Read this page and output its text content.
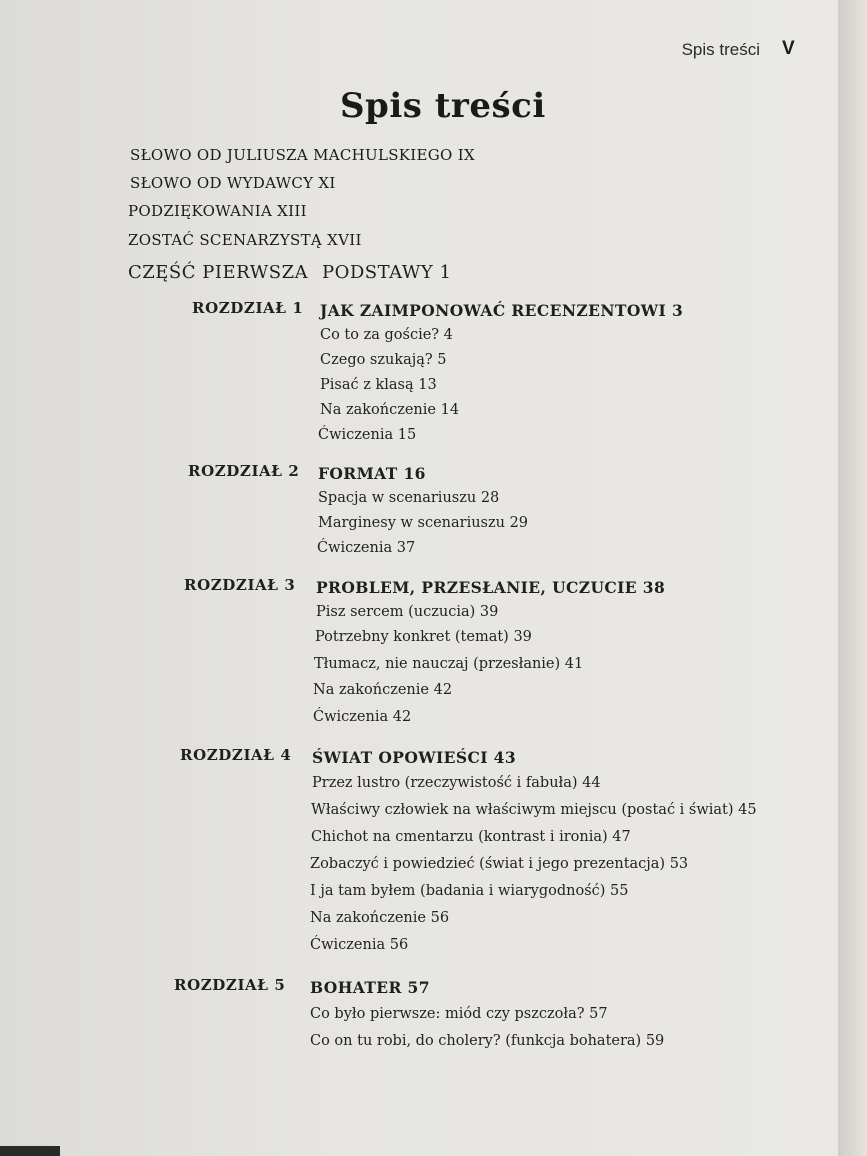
Spis treści V
Spis treści
SŁOWO OD JULIUSZA MACHULSKIEGO IX
SŁOWO OD WYDAWCY XI
PODZIĘKOWANIA XIII
ZOSTAĆ SCENARZYSTĄ XVII
CZĘŚĆ PIERWSZA PODSTAWY 1
ROZDZIAŁ 1 JAK ZAIMPONOWAĆ RECENZENTOWI 3
Co to za goście? 4
Czego szukają? 5
Pisać z klasą 13
Na zakończenie 14
Ćwiczenia 15
ROZDZIAŁ 2 FORMAT 16
Spacja w scenariuszu 28
Marginesy w scenariuszu 29
Ćwiczenia 37
ROZDZIAŁ 3 PROBLEM, PRZESŁANIE, UCZUCIE 38
Pisz sercem (uczucia) 39
Potrzebny konkret (temat) 39
Tłumacz, nie nauczaj (przesłanie) 41
Na zakończenie 42
Ćwiczenia 42
ROZDZIAŁ 4 ŚWIAT OPOWIEŚCI 43
Przez lustro (rzeczywistość i fabuła) 44
Właściwy człowiek na właściwym miejscu (postać i świat) 45
Chichot na cmentarzu (kontrast i ironia) 47
Zobaczyć i powiedzieć (świat i jego prezentacja) 53
I ja tam byłem (badania i wiarygodność) 55
Na zakończenie 56
Ćwiczenia 56
ROZDZIAŁ 5 BOHATER 57
Co było pierwsze: miód czy pszczoła? 57
Co on tu robi, do cholery? (funkcja bohatera) 59
